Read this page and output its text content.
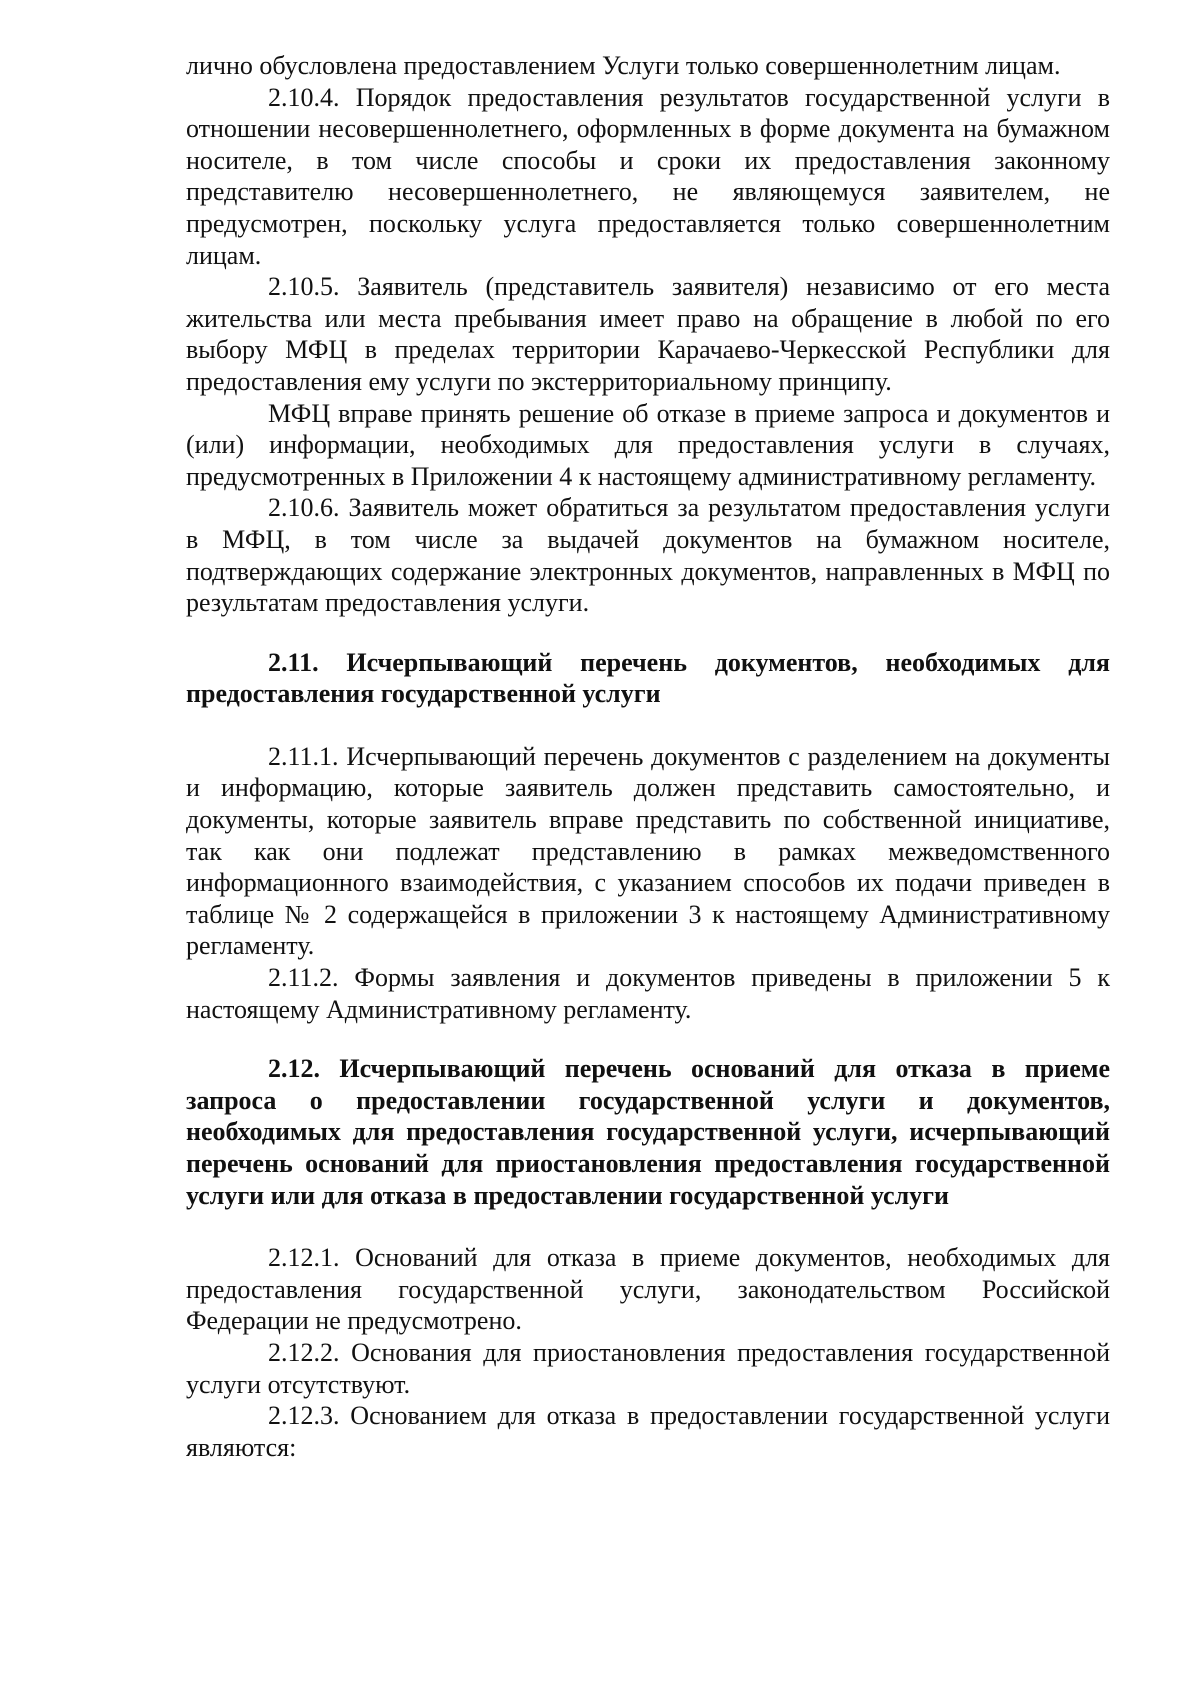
лично обусловлена предоставлением Услуги только совершеннолетним лицам.

2.10.4. Порядок предоставления результатов государственной услуги в отношении несовершеннолетнего, оформленных в форме документа на бумажном носителе, в том числе способы и сроки их предоставления законному представителю несовершеннолетнего, не являющемуся заявителем, не предусмотрен, поскольку услуга предоставляется только совершеннолетним лицам.

2.10.5. Заявитель (представитель заявителя) независимо от его места жительства или места пребывания имеет право на обращение в любой по его выбору МФЦ в пределах территории Карачаево-Черкесской Республики для предоставления ему услуги по экстерриториальному принципу.

МФЦ вправе принять решение об отказе в приеме запроса и документов и (или) информации, необходимых для предоставления услуги в случаях, предусмотренных в Приложении 4 к настоящему административному регламенту.

2.10.6. Заявитель может обратиться за результатом предоставления услуги в МФЦ, в том числе за выдачей документов на бумажном носителе, подтверждающих содержание электронных документов, направленных в МФЦ по результатам предоставления услуги.

2.11. Исчерпывающий перечень документов, необходимых для предоставления государственной услуги

2.11.1. Исчерпывающий перечень документов с разделением на документы и информацию, которые заявитель должен представить самостоятельно, и документы, которые заявитель вправе представить по собственной инициативе, так как они подлежат представлению в рамках межведомственного информационного взаимодействия, с указанием способов их подачи приведен в таблице № 2 содержащейся в приложении 3 к настоящему Административному регламенту.

2.11.2. Формы заявления и документов приведены в приложении 5 к настоящему Административному регламенту.

2.12. Исчерпывающий перечень оснований для отказа в приеме запроса о предоставлении государственной услуги и документов, необходимых для предоставления государственной услуги, исчерпывающий перечень оснований для приостановления предоставления государственной услуги или для отказа в предоставлении государственной услуги

2.12.1. Оснований для отказа в приеме документов, необходимых для предоставления государственной услуги, законодательством Российской Федерации не предусмотрено.

2.12.2. Основания для приостановления предоставления государственной услуги отсутствуют.

2.12.3. Основанием для отказа в предоставлении государственной услуги являются:
